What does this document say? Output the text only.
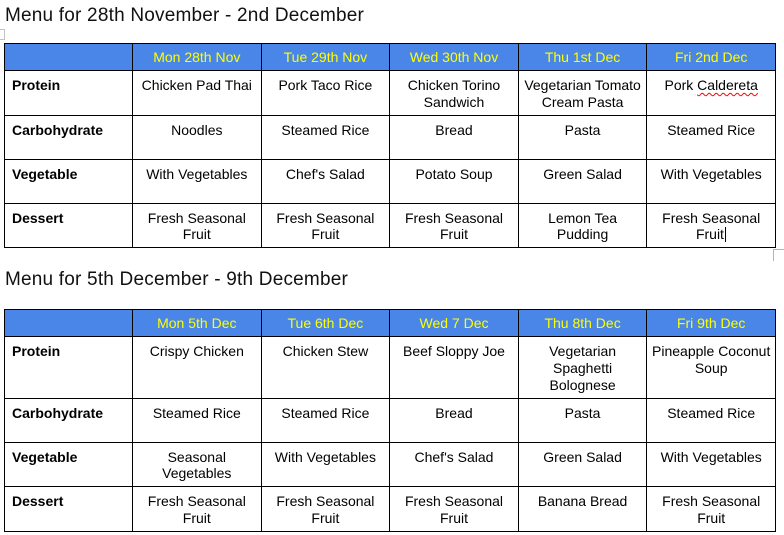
Menu for 28th November - 2nd December
	Mon 28th Nov	Tue 29th Nov	Wed 30th Nov	Thu 1st Dec	Fri 2nd Dec
Protein	Chicken Pad Thai	Pork Taco Rice	Chicken Torino Sandwich	Vegetarian Tomato Cream Pasta	Pork Caldereta
Carbohydrate	Noodles	Steamed Rice	Bread	Pasta	Steamed Rice
Vegetable	With Vegetables	Chef's Salad	Potato Soup	Green Salad	With Vegetables
Dessert	Fresh Seasonal Fruit	Fresh Seasonal Fruit	Fresh Seasonal Fruit	Lemon Tea Pudding	Fresh Seasonal Fruit
Menu for 5th December - 9th December
	Mon 5th Dec	Tue 6th Dec	Wed 7 Dec	Thu 8th Dec	Fri 9th Dec
Protein	Crispy Chicken	Chicken Stew	Beef Sloppy Joe	Vegetarian Spaghetti Bolognese	Pineapple Coconut Soup
Carbohydrate	Steamed Rice	Steamed Rice	Bread	Pasta	Steamed Rice
Vegetable	Seasonal Vegetables	With Vegetables	Chef's Salad	Green Salad	With Vegetables
Dessert	Fresh Seasonal Fruit	Fresh Seasonal Fruit	Fresh Seasonal Fruit	Banana Bread	Fresh Seasonal Fruit
